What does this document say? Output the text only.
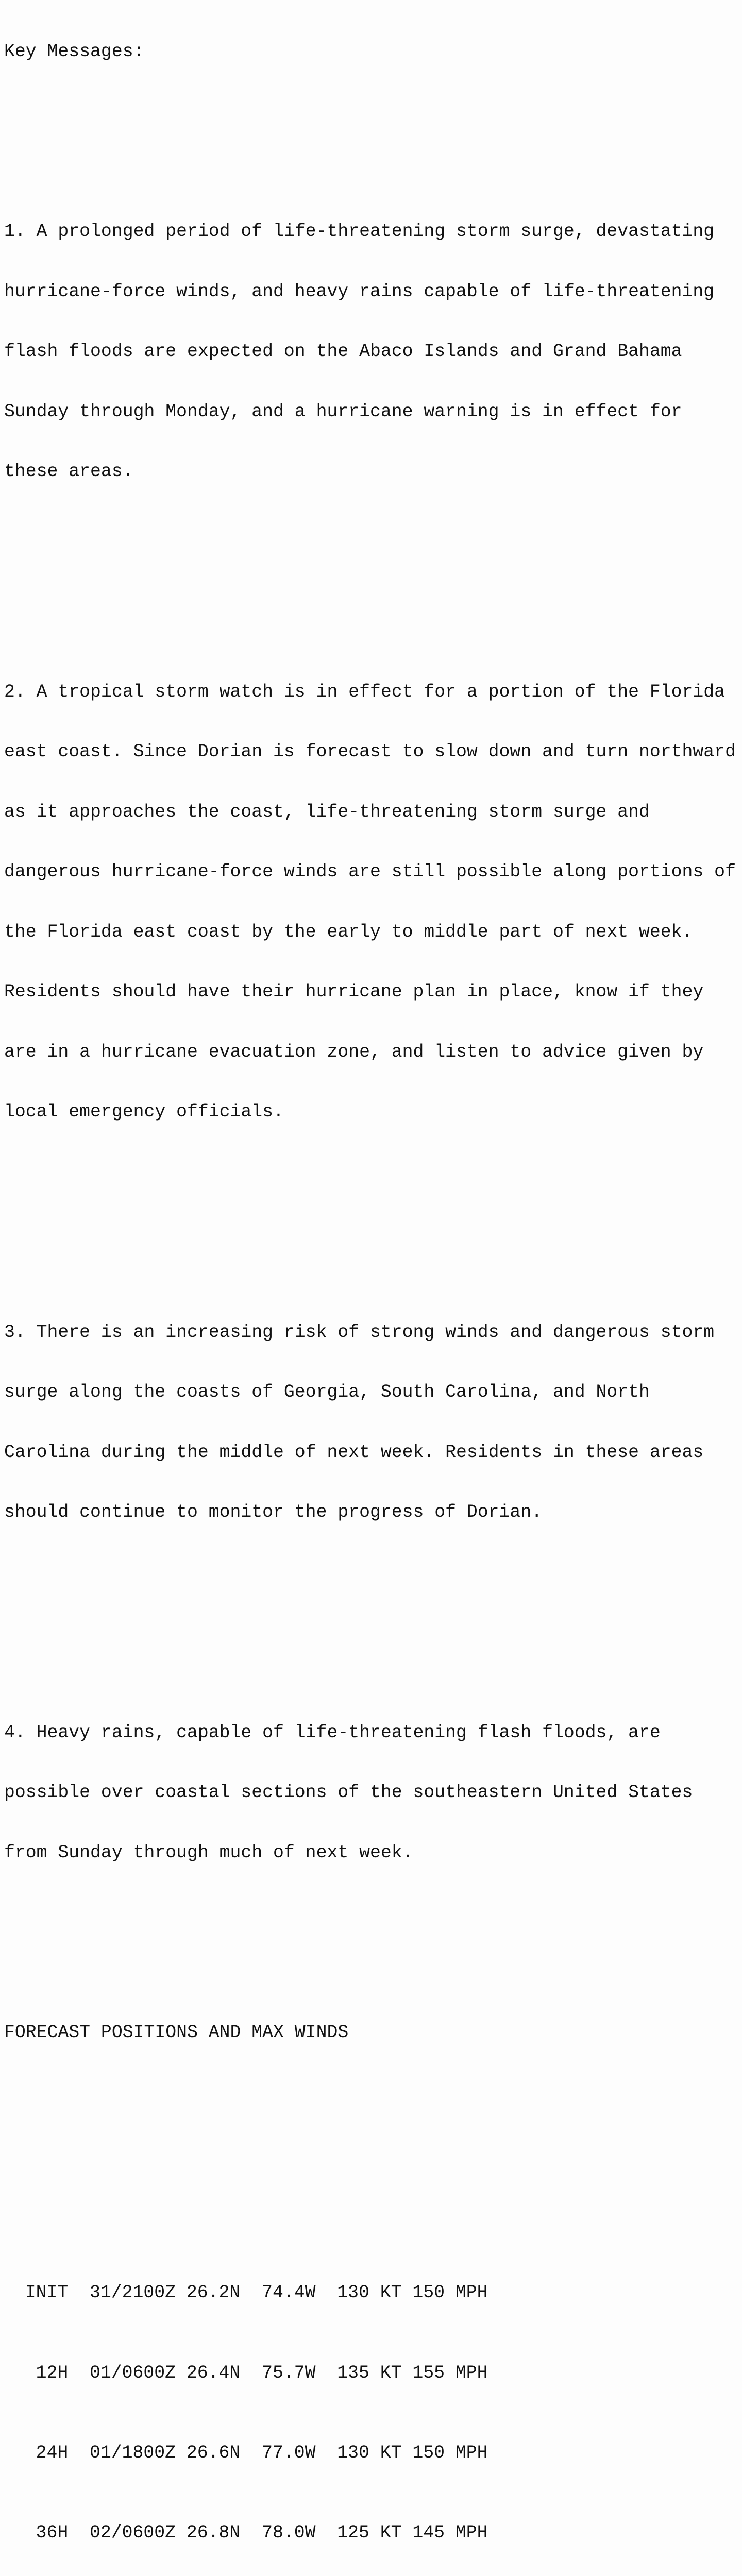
Key Messages:

1. A prolonged period of life-threatening storm surge, devastating

hurricane-force winds, and heavy rains capable of life-threatening

flash floods are expected on the Abaco Islands and Grand Bahama

Sunday through Monday, and a hurricane warning is in effect for

these areas.

2. A tropical storm watch is in effect for a portion of the Florida

east coast. Since Dorian is forecast to slow down and turn northward

as it approaches the coast, life-threatening storm surge and

dangerous hurricane-force winds are still possible along portions of

the Florida east coast by the early to middle part of next week.

Residents should have their hurricane plan in place, know if they

are in a hurricane evacuation zone, and listen to advice given by

local emergency officials.

3. There is an increasing risk of strong winds and dangerous storm

surge along the coasts of Georgia, South Carolina, and North

Carolina during the middle of next week. Residents in these areas

should continue to monitor the progress of Dorian.

4. Heavy rains, capable of life-threatening flash floods, are

possible over coastal sections of the southeastern United States

from Sunday through much of next week.

FORECAST POSITIONS AND MAX WINDS

INIT 31/2100Z 26.2N 74.4W 130 KT 150 MPH

12H 01/0600Z 26.4N 75.7W 135 KT 155 MPH

24H 01/1800Z 26.6N 77.0W 130 KT 150 MPH

36H 02/0600Z 26.8N 78.0W 125 KT 145 MPH
